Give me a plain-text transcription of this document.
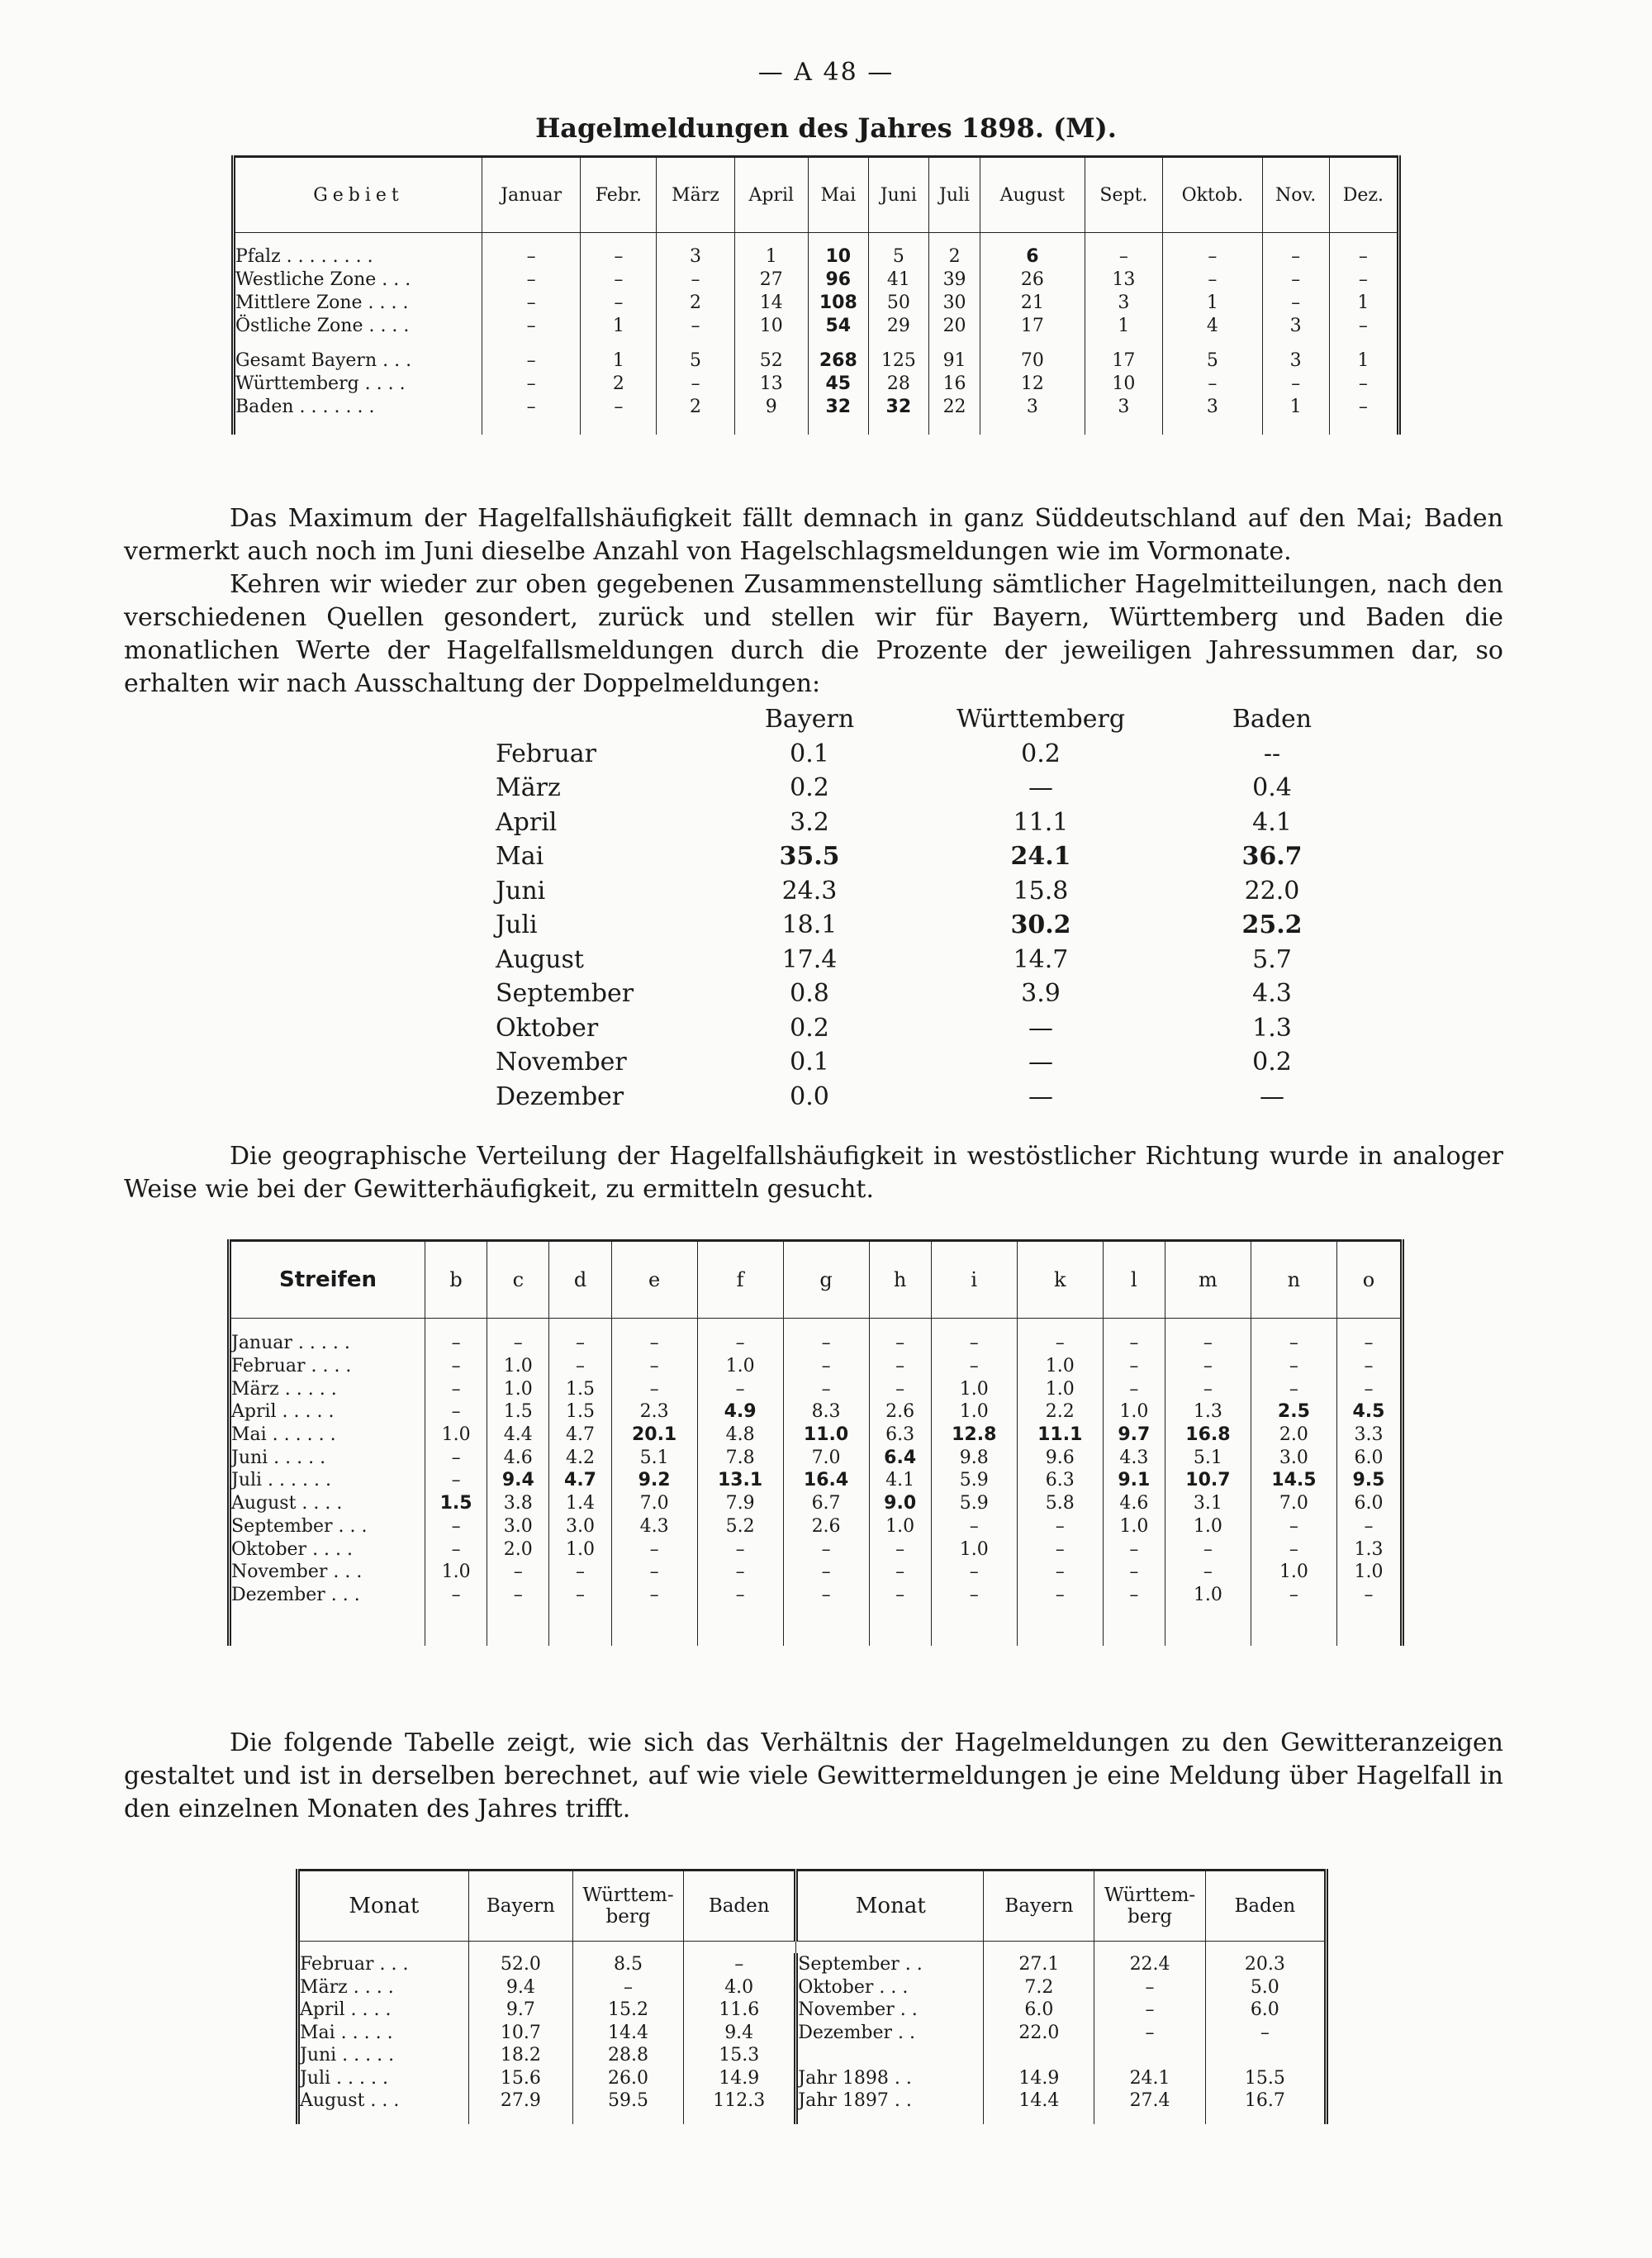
— A 48 —
Hagelmeldungen des Jahres 1898. (M).
Gebiet	Januar	Febr.	März	April	Mai	Juni	Juli	August	Sept.	Oktob.	Nov.	Dez.

Pfalz . . . . . . . .	–	–	3	1	10	5	2	6	–	–	–	–
Westliche Zone . . .	–	–	–	27	96	41	39	26	13	–	–	–
Mittlere Zone . . . .	–	–	2	14	108	50	30	21	3	1	–	1
Östliche Zone . . . .	–	1	–	10	54	29	20	17	1	4	3	–

Gesamt Bayern . . .	–	1	5	52	268	125	91	70	17	5	3	1
Württemberg . . . .	–	2	–	13	45	28	16	12	10	–	–	–
Baden . . . . . . .	–	–	2	9	32	32	22	3	3	3	1	–

Das Maximum der Hagelfallshäufigkeit fällt demnach in ganz Süddeutschland auf den Mai; Baden vermerkt auch noch im Juni dieselbe Anzahl von Hagelschlagsmeldungen wie im Vormonate.

Kehren wir wieder zur oben gegebenen Zusammenstellung sämtlicher Hagelmitteilungen, nach den verschiedenen Quellen gesondert, zurück und stellen wir für Bayern, Württemberg und Baden die monatlichen Werte der Hagelfallsmeldungen durch die Prozente der jeweiligen Jahressummen dar, so erhalten wir nach Ausschaltung der Doppelmeldungen:

	Bayern	Württemberg	Baden
Februar	0.1	0.2	--
März	0.2	—	0.4
April	3.2	11.1	4.1
Mai	35.5	24.1	36.7
Juni	24.3	15.8	22.0
Juli	18.1	30.2	25.2
August	17.4	14.7	5.7
September	0.8	3.9	4.3
Oktober	0.2	—	1.3
November	0.1	—	0.2
Dezember	0.0	—	—

Die geographische Verteilung der Hagelfallshäufigkeit in westöstlicher Richtung wurde in analoger Weise wie bei der Gewitterhäufigkeit, zu ermitteln gesucht.

Streifen	b	c	d	e	f	g	h	i	k	l	m	n	o

Januar . . . . .	–	–	–	–	–	–	–	–	–	–	–	–	–
Februar . . . .	–	1.0	–	–	1.0	–	–	–	1.0	–	–	–	–
März . . . . .	–	1.0	1.5	–	–	–	–	1.0	1.0	–	–	–	–
April . . . . .	–	1.5	1.5	2.3	4.9	8.3	2.6	1.0	2.2	1.0	1.3	2.5	4.5
Mai . . . . . .	1.0	4.4	4.7	20.1	4.8	11.0	6.3	12.8	11.1	9.7	16.8	2.0	3.3
Juni . . . . .	–	4.6	4.2	5.1	7.8	7.0	6.4	9.8	9.6	4.3	5.1	3.0	6.0
Juli . . . . . .	–	9.4	4.7	9.2	13.1	16.4	4.1	5.9	6.3	9.1	10.7	14.5	9.5
August . . . .	1.5	3.8	1.4	7.0	7.9	6.7	9.0	5.9	5.8	4.6	3.1	7.0	6.0
September . . .	–	3.0	3.0	4.3	5.2	2.6	1.0	–	–	1.0	1.0	–	–
Oktober . . . .	–	2.0	1.0	–	–	–	–	1.0	–	–	–	–	1.3
November . . .	1.0	–	–	–	–	–	–	–	–	–	–	1.0	1.0
Dezember . . .	–	–	–	–	–	–	–	–	–	–	1.0	–	–

Die folgende Tabelle zeigt, wie sich das Verhältnis der Hagelmeldungen zu den Gewitteranzeigen gestaltet und ist in derselben berechnet, auf wie viele Gewittermeldungen je eine Meldung über Hagelfall in den einzelnen Monaten des Jahres trifft.

Monat	Bayern	Württem-berg	Baden	Monat	Bayern	Württem-berg	Baden

Februar . . .	52.0	8.5	–	September . .	27.1	22.4	20.3
März . . . .	9.4	–	4.0	Oktober . . .	7.2	–	5.0
April . . . .	9.7	15.2	11.6	November . .	6.0	–	6.0
Mai . . . . .	10.7	14.4	9.4	Dezember . .	22.0	–	–
Juni . . . . .	18.2	28.8	15.3				
Juli . . . . .	15.6	26.0	14.9	Jahr 1898 . .	14.9	24.1	15.5
August . . .	27.9	59.5	112.3	Jahr 1897 . .	14.4	27.4	16.7
